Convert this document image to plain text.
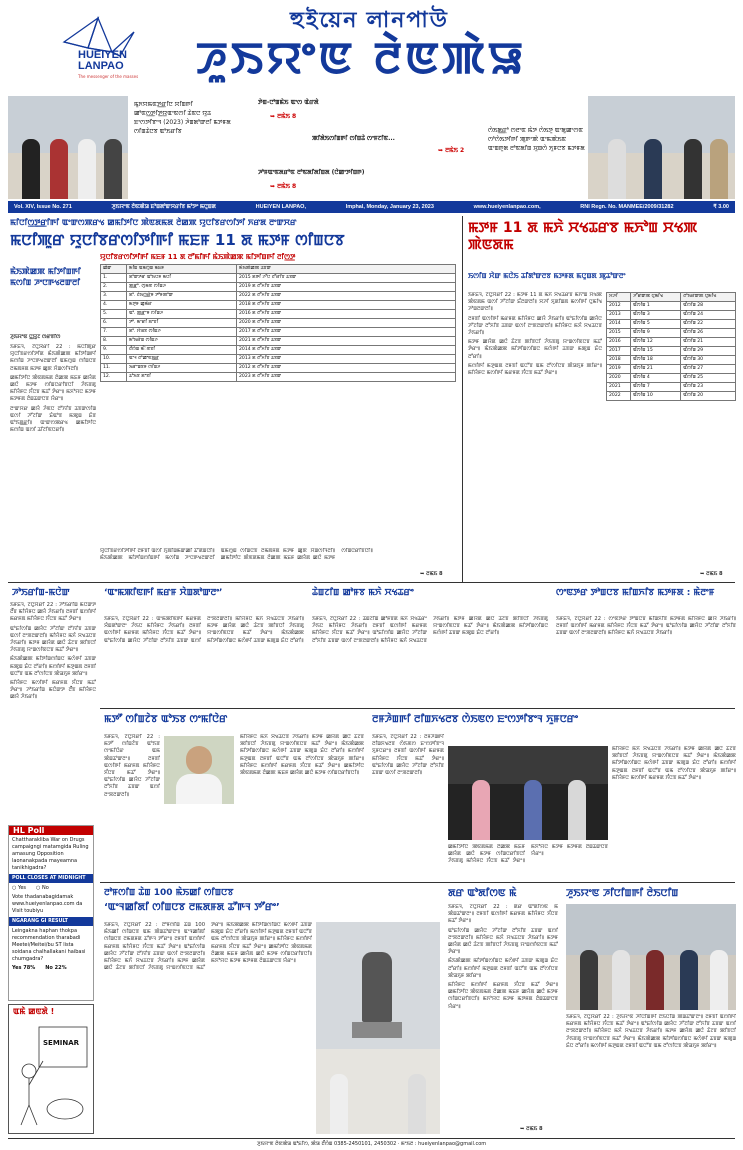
HUEIYEN LANPAO
The messenger of the masses
হুইয়েন লানপাউ
ꯍꯨꯏꯌꯦꯟ ꯂꯥꯟꯄꯥꯎ
ꯃꯨꯈꯌꯃꯟꯇ꯭ꯔꯤꯅ ꯆꯤꯡꯒꯤ ꯀꯣꯟꯁ꯭ꯇꯤꯇ꯭ꯌꯨꯑꯦꯟꯁꯤ ꯊꯥꯟꯅ ꯌꯨꯊ ꯐꯦꯁꯇꯤꯕꯦꯜ (2023) ꯍꯥꯡꯗꯣꯛꯂꯤ ꯃꯇꯝꯗ ꯁꯤꯡꯊꯥꯅꯕ ꯑꯣꯏꯔꯤꯕ
ꯇꯥꯡ-ꯅꯣꯡꯃꯥꯏ ꯑꯦꯁ ꯑꯥꯔꯗꯥ
➥ ꯂꯃꯥꯏ 8
ꯄꯤꯗꯥꯏꯁꯤꯡꯒꯤ ꯁꯤꯡꯊꯥ ꯁꯦꯝꯖꯤꯟ...
➥ ꯂꯃꯥꯏ 2
ꯍꯣꯝꯑꯦꯟꯗꯔꯣꯟ ꯂꯣꯟꯗꯤꯗꯤꯡꯗ (ꯅꯥꯀꯦꯇꯤꯡꯒ)
➥ ꯂꯃꯥꯏ 8
ꯁꯥꯏꯗ꯭ꯔꯣ ꯁꯂꯦꯟ ꯃꯥꯇ ꯁꯥꯏꯇꯨ ꯑꯦꯗꯨꯀꯦꯁꯟ ꯁꯣꯁꯥꯏꯇꯤꯒꯤ ꯄꯨꯒꯦꯄꯥ ꯑꯦꯃꯄꯥꯏꯟ ꯑꯦꯡꯒꯨꯗ ꯂꯣꯟꯗꯤꯡ ꯆꯨꯡꯁꯥ ꯈꯨꯝꯅꯕ ꯃꯇꯝꯗ
Vol. XIV, Issue No. 271	ꯍꯨꯏꯌꯦꯟ ꯂꯥꯟꯄꯥꯎ ꯐꯣꯡꯗꯣꯛꯆꯔꯤꯕ ꯃꯣꯇꯦ ꯃꯅꯨꯡꯗ	HUEIYEN LANPAO,	Imphal, Monday, January 23, 2023	www.hueiyenlanpao.com,	RNI Regn. No. MANMEE/2009/31282	₹ 3.00
ꯃꯤꯅꯤꯁ꯭ꯇ꯭ꯔꯤꯒꯤ ꯑꯦꯛꯁꯄꯔꯠ ꯀꯃꯤꯇꯤꯅ ꯄꯥꯟꯗꯃꯗ ꯂꯥꯀꯄ ꯌꯨꯅꯤꯕꯔꯁꯤꯇꯤ ꯈꯔꯗ ꯂꯦꯛꯆꯔ
ꯃꯅꯤꯄꯨꯔ ꯌꯨꯅꯤꯕꯔꯁꯤꯇꯤꯒꯤ ꯃꯐꯝ 11 ꯗ ꯃꯇꯝ ꯁꯤꯡꯅꯕ
ꯌꯨꯅꯤꯕꯔꯁꯤꯇꯤꯒꯤ ꯃꯐꯝ 11 ꯗ ꯂꯧꯃꯤꯒꯤ ꯃꯥꯏꯄꯥꯀꯄ ꯃꯤꯇꯤꯡꯒꯤ ꯂꯤꯁ꯭ꯇ
ꯃꯥꯏꯄꯥꯀꯄ ꯃꯤꯇꯤꯡꯒꯤ ꯃꯁꯤꯡ ꯍꯦꯅꯒꯠꯂꯛꯂꯤ
ꯍꯨꯏꯌꯦꯟ ꯅ꯭ꯌꯨꯖ ꯁꯔꯕꯤꯁ

ꯏꯝꯐꯥꯜ, ꯖꯥꯅꯨꯋꯥꯔꯤ 22 : ꯃꯅꯤꯄꯨꯔ ꯌꯨꯅꯤꯕꯔꯁꯤꯇꯤꯗ ꯃꯥꯏꯄꯥꯀꯄ ꯃꯤꯇꯤꯡꯒꯤ ꯃꯁꯤꯡ ꯍꯦꯅꯒꯠꯂꯛꯂꯤ ꯑꯃꯁꯨꯡ ꯁꯤꯡꯅꯕ ꯂꯃꯗꯝꯗ ꯃꯇꯝ ꯀꯨꯞ ꯆꯥꯡꯁꯤꯜꯂꯤ꯫

ꯀꯃꯤꯇꯤꯅ ꯄꯥꯟꯗꯃꯗ ꯂꯥꯀꯄ ꯃꯐꯝ ꯀꯌꯥꯗ ꯀꯅꯥ ꯃꯇꯝ ꯁꯤꯡꯅꯔꯤꯕꯅꯤ ꯍꯥꯏꯕꯗꯨ ꯃꯤꯌꯥꯝꯅ ꯈꯪꯅꯕ ꯃꯊꯧ ꯇꯥꯔꯦ꯫ ꯃꯈꯣꯌꯅ ꯃꯇꯝ ꯃꯇꯝꯗ ꯂꯥꯡꯊꯛꯅꯕ ꯌꯥꯔꯦ꯫

ꯂꯦꯛꯆꯔ ꯀꯌꯥ ꯍꯥꯟꯅ ꯂꯧꯈꯤꯕ ꯊꯕꯛꯁꯤꯡ ꯑꯁꯤ ꯍꯧꯖꯤꯛ ꯐꯥꯑꯣꯕ ꯃꯄꯨꯡ ꯐꯥꯕ ꯑꯣꯏꯗ꯭ꯔꯤ꯫ ꯑꯦꯛꯁꯄꯔꯠ ꯀꯃꯤꯇꯤꯅ ꯃꯁꯤꯡ ꯑꯁꯤ ꯊꯤꯖꯤꯟꯅꯔꯤ꯫

ꯀꯥꯛ	ꯃꯤꯡ ꯑꯃꯁꯨꯡ ꯃꯐꯝ	ꯃꯥꯏꯄꯥꯀꯄ ꯊꯕꯛ
1.	ꯗꯣꯛꯇꯔ ꯑꯣꯏꯅꯝ ꯃꯅꯤ	2015 ꯗꯒꯤ ꯍꯧꯅ ꯂꯧꯔꯤꯕ ꯊꯕꯛ
2.	ꯄ꯭ꯔꯣ. ꯁꯨꯃꯟ ꯁꯤꯡꯍ	2019 ꯗ ꯂꯧꯈꯤꯕ ꯊꯕꯛ
3.	ꯗꯣ. ꯂꯥꯏꯁ꯭ꯔꯥꯝ ꯇꯣꯝꯄꯣꯛ	2022 ꯗ ꯂꯧꯈꯤꯕ ꯊꯕꯛ
4.	ꯃꯇꯨꯝ ꯀꯨꯃꯥꯔ	2018 ꯗ ꯂꯧꯈꯤꯕ ꯊꯕꯛ
5.	ꯑꯣ. ꯄ꯭ꯔꯦꯝ ꯁꯤꯡꯍ	2016 ꯗ ꯂꯧꯈꯤꯕ ꯊꯕꯛ
6.	ꯇꯣ. ꯃꯦꯔꯤ ꯗꯦꯕꯤ	2020 ꯗ ꯂꯧꯈꯤꯕ ꯊꯕꯛ
7.	ꯗꯣ. ꯆꯥꯎꯕ ꯁꯤꯡꯍ	2017 ꯗ ꯂꯧꯈꯤꯕ ꯊꯕꯛ
8.	ꯃꯣꯏꯔꯥꯡ ꯁꯤꯡꯍ	2021 ꯗ ꯂꯧꯈꯤꯕ ꯊꯕꯛ
9.	ꯂꯩꯁꯥꯡ ꯃꯪꯥꯟꯕꯤ	2014 ꯗ ꯂꯧꯈꯤꯕ ꯊꯕꯛ
10.	ꯑꯦꯜ ꯂꯣꯀꯦꯟꯗ꯭ꯔ	2013 ꯗ ꯂꯧꯈꯤꯕ ꯊꯕꯛ
11.	ꯏꯔꯦꯡꯕꯝ ꯁꯤꯡꯍ	2012 ꯗ ꯂꯧꯈꯤꯕ ꯊꯕꯛ
12.	ꯊꯣꯏꯕ ꯗꯦꯕꯤ	2023 ꯗ ꯂꯧꯈꯤꯕ ꯊꯕꯛ
ꯌꯨꯅꯤꯕꯔꯁꯤꯇꯤꯒꯤ ꯂꯝꯕꯤ ꯑꯁꯤ ꯈꯨꯗꯤꯡꯃꯛꯀꯤ ꯊꯧꯗꯥꯡꯅꯤ꯫ ꯃꯥꯏꯄꯥꯀꯄ ꯃꯤꯇꯤꯡꯁꯤꯡꯒꯤ ꯃꯁꯤꯡ ꯍꯦꯅꯒꯠꯂꯛꯂꯤ ꯑꯃꯁꯨꯡ ꯁꯤꯡꯅꯕ ꯂꯃꯗꯝꯗ ꯃꯇꯝ ꯀꯨꯞ ꯆꯥꯡꯁꯤꯜꯂꯤ꯫ ꯀꯃꯤꯇꯤꯅ ꯄꯥꯟꯗꯃꯗ ꯂꯥꯀꯄ ꯃꯐꯝ ꯀꯌꯥꯗ ꯀꯅꯥ ꯃꯇꯝ ꯁꯤꯡꯅꯔꯤꯕꯅꯤ꯫
➥ ꯂꯃꯥꯏ 8
ꯃꯇꯝ 11 ꯗ ꯃꯈꯥ ꯆꯠꯊꯔꯕ ꯃꯈꯣꯡ ꯆꯠꯄ ꯄꯥꯟꯗꯃ
ꯏꯁꯤꯡ ꯆꯥꯛ ꯃꯅꯥꯏ ꯊꯤꯗꯣꯛꯂꯕ ꯃꯇꯝꯗ ꯃꯅꯨꯡꯗ ꯄꯨꯊꯣꯛꯂꯦ

ꯏꯝꯐꯥꯜ, ꯖꯥꯅꯨꯋꯥꯔꯤ 22 : ꯃꯇꯝ 11 ꯗ ꯃꯈꯥ ꯆꯠꯊꯔꯕ ꯃꯈꯣꯡ ꯆꯠꯄ ꯄꯥꯟꯗꯃ ꯑꯁꯤ ꯍꯧꯖꯤꯛ ꯐꯪꯂꯛꯂꯤ꯫ ꯆꯍꯤ ꯈꯨꯗꯤꯡꯗ ꯃꯁꯤꯒꯤ ꯅꯨꯃꯤꯠ ꯍꯣꯡꯂꯛꯂꯤ꯫

ꯂꯝꯕꯤ ꯑꯁꯤꯒꯤ ꯃꯔꯝꯗ ꯃꯤꯌꯥꯝꯅ ꯀꯌꯥ ꯍꯥꯏꯔꯤ꯫ ꯑꯣꯐꯤꯁꯤꯡ ꯀꯌꯥꯅ ꯍꯧꯖꯤꯛ ꯂꯧꯈꯤꯕ ꯊꯕꯛ ꯑꯁꯤ ꯂꯦꯞꯂꯛꯂꯤ꯫ ꯃꯤꯌꯥꯝꯅ ꯃꯈꯥ ꯆꯠꯊꯅꯕ ꯍꯥꯏꯔꯤ꯫

ꯃꯇꯝ ꯀꯌꯥꯗ ꯀꯅꯥ ꯊꯥꯖꯕ ꯄꯤꯕꯅꯤ ꯍꯥꯏꯕꯗꯨ ꯌꯦꯡꯁꯤꯟꯅꯕ ꯃꯊꯧ ꯇꯥꯔꯦ꯫ ꯃꯥꯏꯄꯥꯀꯄ ꯃꯤꯇꯤꯡꯁꯤꯡꯅ ꯃꯁꯥꯒꯤ ꯊꯕꯛ ꯃꯄꯨꯡ ꯐꯥꯅ ꯂꯧꯔꯤ꯫

ꯃꯁꯤꯒꯤ ꯃꯇꯨꯡꯗ ꯂꯝꯕꯤ ꯑꯅꯧꯕ ꯑꯃ ꯂꯧꯁꯤꯅꯕ ꯄꯥꯎꯈꯨꯝ ꯄꯤꯔꯦ꯫ ꯃꯤꯌꯥꯝꯅ ꯃꯁꯤꯒꯤ ꯃꯔꯝꯗ ꯈꯪꯅꯕ ꯃꯊꯧ ꯇꯥꯔꯦ꯫

ꯆꯍꯤ	ꯍꯧꯔꯛꯄ ꯅꯨꯃꯤꯠ	ꯂꯣꯏꯔꯛꯄ ꯅꯨꯃꯤꯠ
2012	ꯑꯩꯁꯤꯡ 1	ꯑꯩꯁꯤꯡ 28
2013	ꯑꯩꯁꯤꯡ 3	ꯑꯩꯁꯤꯡ 24
2014	ꯑꯩꯁꯤꯡ 5	ꯑꯩꯁꯤꯡ 22
2015	ꯑꯩꯁꯤꯡ 9	ꯑꯩꯁꯤꯡ 26
2016	ꯑꯩꯁꯤꯡ 12	ꯑꯩꯁꯤꯡ 21
2017	ꯑꯩꯁꯤꯡ 15	ꯑꯩꯁꯤꯡ 29
2018	ꯑꯩꯁꯤꯡ 18	ꯑꯩꯁꯤꯡ 30
2019	ꯑꯩꯁꯤꯡ 21	ꯑꯩꯁꯤꯡ 27
2020	ꯑꯩꯁꯤꯡ 4	ꯑꯩꯁꯤꯡ 25
2021	ꯑꯩꯁꯤꯡ 7	ꯑꯩꯁꯤꯡ 23
2022	ꯑꯩꯁꯤꯡ 10	ꯑꯩꯁꯤꯡ 20
➥ ꯂꯃꯥꯏ 8
ꯍꯣꯏꯔꯤꯡ-ꯃꯅꯥꯛ

ꯏꯝꯐꯥꯜ, ꯖꯥꯅꯨꯋꯥꯔꯤ 22 : ꯍꯣꯏꯔꯤꯡ ꯃꯅꯥꯛꯇ ꯂꯩꯕ ꯃꯤꯌꯥꯝꯅ ꯀꯌꯥ ꯍꯥꯏꯔꯤ꯫ ꯂꯝꯕꯤ ꯑꯁꯤꯒꯤ ꯃꯔꯝꯗ ꯃꯤꯌꯥꯝꯅ ꯈꯪꯅꯕ ꯃꯊꯧ ꯇꯥꯔꯦ꯫

ꯑꯣꯐꯤꯁꯤꯡ ꯀꯌꯥꯅ ꯍꯧꯖꯤꯛ ꯂꯧꯈꯤꯕ ꯊꯕꯛ ꯑꯁꯤ ꯂꯦꯞꯂꯛꯂꯤ꯫ ꯃꯤꯌꯥꯝꯅ ꯃꯈꯥ ꯆꯠꯊꯅꯕ ꯍꯥꯏꯔꯤ꯫ ꯃꯇꯝ ꯀꯌꯥꯗ ꯀꯅꯥ ꯊꯥꯖꯕ ꯄꯤꯕꯅꯤ ꯍꯥꯏꯕꯗꯨ ꯌꯦꯡꯁꯤꯟꯅꯕ ꯃꯊꯧ ꯇꯥꯔꯦ꯫

ꯃꯥꯏꯄꯥꯀꯄ ꯃꯤꯇꯤꯡꯁꯤꯡꯅ ꯃꯁꯥꯒꯤ ꯊꯕꯛ ꯃꯄꯨꯡ ꯐꯥꯅ ꯂꯧꯔꯤ꯫ ꯃꯁꯤꯒꯤ ꯃꯇꯨꯡꯗ ꯂꯝꯕꯤ ꯑꯅꯧꯕ ꯑꯃ ꯂꯧꯁꯤꯅꯕ ꯄꯥꯎꯈꯨꯝ ꯄꯤꯔꯦ꯫

ꯃꯤꯌꯥꯝꯅ ꯃꯁꯤꯒꯤ ꯃꯔꯝꯗ ꯈꯪꯅꯕ ꯃꯊꯧ ꯇꯥꯔꯦ꯫ ꯍꯣꯏꯔꯤꯡ ꯃꯅꯥꯛꯇ ꯂꯩꯕ ꯃꯤꯌꯥꯝꯅ ꯀꯌꯥ ꯍꯥꯏꯔꯤ꯫

‘ꯑꯦꯃꯄꯤꯟꯒꯤ ꯃꯔꯝ ꯆꯥꯡꯗꯣꯛꯂꯦ’
ꯏꯝꯐꯥꯜ, ꯖꯥꯅꯨꯋꯥꯔꯤ 22 : ꯑꯦꯃꯄꯤꯟꯒꯤ ꯃꯔꯝꯗ ꯆꯥꯡꯗꯣꯛꯂꯦ ꯍꯥꯏꯅ ꯃꯤꯌꯥꯝꯅ ꯍꯥꯏꯔꯤ꯫ ꯂꯝꯕꯤ ꯑꯁꯤꯒꯤ ꯃꯔꯝꯗ ꯃꯤꯌꯥꯝꯅ ꯈꯪꯅꯕ ꯃꯊꯧ ꯇꯥꯔꯦ꯫ ꯑꯣꯐꯤꯁꯤꯡ ꯀꯌꯥꯅ ꯍꯧꯖꯤꯛ ꯂꯧꯈꯤꯕ ꯊꯕꯛ ꯑꯁꯤ ꯂꯦꯞꯂꯛꯂꯤ꯫ ꯃꯤꯌꯥꯝꯅ ꯃꯈꯥ ꯆꯠꯊꯅꯕ ꯍꯥꯏꯔꯤ꯫ ꯃꯇꯝ ꯀꯌꯥꯗ ꯀꯅꯥ ꯊꯥꯖꯕ ꯄꯤꯕꯅꯤ ꯍꯥꯏꯕꯗꯨ ꯌꯦꯡꯁꯤꯟꯅꯕ ꯃꯊꯧ ꯇꯥꯔꯦ꯫ ꯃꯥꯏꯄꯥꯀꯄ ꯃꯤꯇꯤꯡꯁꯤꯡꯅ ꯃꯁꯥꯒꯤ ꯊꯕꯛ ꯃꯄꯨꯡ ꯐꯥꯅ ꯂꯧꯔꯤ꯫
ꯊꯥꯡꯖꯤꯡ ꯀꯣꯝꯕ ꯃꯈꯥ ꯆꯠꯊꯔꯦ
ꯏꯝꯐꯥꯜ, ꯖꯥꯅꯨꯋꯥꯔꯤ 22 : ꯊꯥꯡꯖꯤꯡ ꯀꯣꯝꯕꯗ ꯃꯈꯥ ꯆꯠꯊꯔꯦ ꯍꯥꯏꯅ ꯃꯤꯌꯥꯝꯅ ꯍꯥꯏꯔꯤ꯫ ꯂꯝꯕꯤ ꯑꯁꯤꯒꯤ ꯃꯔꯝꯗ ꯃꯤꯌꯥꯝꯅ ꯈꯪꯅꯕ ꯃꯊꯧ ꯇꯥꯔꯦ꯫ ꯑꯣꯐꯤꯁꯤꯡ ꯀꯌꯥꯅ ꯍꯧꯖꯤꯛ ꯂꯧꯈꯤꯕ ꯊꯕꯛ ꯑꯁꯤ ꯂꯦꯞꯂꯛꯂꯤ꯫ ꯃꯤꯌꯥꯝꯅ ꯃꯈꯥ ꯆꯠꯊꯅꯕ ꯍꯥꯏꯔꯤ꯫ ꯃꯇꯝ ꯀꯌꯥꯗ ꯀꯅꯥ ꯊꯥꯖꯕ ꯄꯤꯕꯅꯤ ꯍꯥꯏꯕꯗꯨ ꯌꯦꯡꯁꯤꯟꯅꯕ ꯃꯊꯧ ꯇꯥꯔꯦ꯫ ꯃꯥꯏꯄꯥꯀꯄ ꯃꯤꯇꯤꯡꯁꯤꯡꯅ ꯃꯁꯥꯒꯤ ꯊꯕꯛ ꯃꯄꯨꯡ ꯐꯥꯅ ꯂꯧꯔꯤ꯫
ꯁꯦꯟꯇꯔ ꯇꯣꯡꯅꯕ ꯃꯤꯡꯈꯤꯕ ꯃꯇꯝꯗ : ꯃꯥꯂꯦꯝ
ꯏꯝꯐꯥꯜ, ꯖꯥꯅꯨꯋꯥꯔꯤ 22 : ꯁꯦꯟꯇꯔ ꯇꯣꯡꯅꯕ ꯃꯤꯡꯈꯤꯕ ꯃꯇꯝꯗ ꯃꯤꯌꯥꯝꯅ ꯀꯌꯥ ꯍꯥꯏꯔꯤ꯫ ꯂꯝꯕꯤ ꯑꯁꯤꯒꯤ ꯃꯔꯝꯗ ꯃꯤꯌꯥꯝꯅ ꯈꯪꯅꯕ ꯃꯊꯧ ꯇꯥꯔꯦ꯫ ꯑꯣꯐꯤꯁꯤꯡ ꯀꯌꯥꯅ ꯍꯧꯖꯤꯛ ꯂꯧꯈꯤꯕ ꯊꯕꯛ ꯑꯁꯤ ꯂꯦꯞꯂꯛꯂꯤ꯫ ꯃꯤꯌꯥꯝꯅ ꯃꯈꯥ ꯆꯠꯊꯅꯕ ꯍꯥꯏꯔꯤ꯫
ꯃꯇꯧ ꯁꯤꯡꯖꯥꯕ ꯑꯣꯏꯕ ꯁꯦꯃꯤꯅꯥꯔ
ꯏꯝꯐꯥꯜ, ꯖꯥꯅꯨꯋꯥꯔꯤ 22 : ꯃꯇꯧ ꯁꯤꯡꯖꯥꯕ ꯑꯣꯏꯕ ꯁꯦꯃꯤꯅꯥꯔ ꯑꯃ ꯄꯥꯡꯊꯣꯛꯂꯦ꯫ ꯂꯝꯕꯤ ꯑꯁꯤꯒꯤ ꯃꯔꯝꯗ ꯃꯤꯌꯥꯝꯅ ꯈꯪꯅꯕ ꯃꯊꯧ ꯇꯥꯔꯦ꯫ ꯑꯣꯐꯤꯁꯤꯡ ꯀꯌꯥꯅ ꯍꯧꯖꯤꯛ ꯂꯧꯈꯤꯕ ꯊꯕꯛ ꯑꯁꯤ ꯂꯦꯞꯂꯛꯂꯤ꯫
ꯃꯤꯌꯥꯝꯅ ꯃꯈꯥ ꯆꯠꯊꯅꯕ ꯍꯥꯏꯔꯤ꯫ ꯃꯇꯝ ꯀꯌꯥꯗ ꯀꯅꯥ ꯊꯥꯖꯕ ꯄꯤꯕꯅꯤ ꯍꯥꯏꯕꯗꯨ ꯌꯦꯡꯁꯤꯟꯅꯕ ꯃꯊꯧ ꯇꯥꯔꯦ꯫ ꯃꯥꯏꯄꯥꯀꯄ ꯃꯤꯇꯤꯡꯁꯤꯡꯅ ꯃꯁꯥꯒꯤ ꯊꯕꯛ ꯃꯄꯨꯡ ꯐꯥꯅ ꯂꯧꯔꯤ꯫ ꯃꯁꯤꯒꯤ ꯃꯇꯨꯡꯗ ꯂꯝꯕꯤ ꯑꯅꯧꯕ ꯑꯃ ꯂꯧꯁꯤꯅꯕ ꯄꯥꯎꯈꯨꯝ ꯄꯤꯔꯦ꯫ ꯃꯤꯌꯥꯝꯅ ꯃꯁꯤꯒꯤ ꯃꯔꯝꯗ ꯈꯪꯅꯕ ꯃꯊꯧ ꯇꯥꯔꯦ꯫ ꯀꯃꯤꯇꯤꯅ ꯄꯥꯟꯗꯃꯗ ꯂꯥꯀꯄ ꯃꯐꯝ ꯀꯌꯥꯗ ꯀꯅꯥ ꯃꯇꯝ ꯁꯤꯡꯅꯔꯤꯕꯅꯤ꯫
ꯂꯝꯍꯥꯡꯒꯤ ꯂꯤꯡꯈꯠꯂꯕ ꯁꯥꯏꯟꯁ ꯐꯦꯁꯇꯤꯕꯦꯜ ꯈꯨꯝꯅꯔꯦ
ꯏꯝꯐꯥꯜ, ꯖꯥꯅꯨꯋꯥꯔꯤ 22 : ꯂꯝꯍꯥꯡꯒꯤ ꯂꯤꯡꯈꯠꯂꯕ ꯁꯥꯏꯟꯁ ꯐꯦꯁꯇꯤꯕꯦꯜ ꯈꯨꯝꯅꯔꯦ꯫ ꯂꯝꯕꯤ ꯑꯁꯤꯒꯤ ꯃꯔꯝꯗ ꯃꯤꯌꯥꯝꯅ ꯈꯪꯅꯕ ꯃꯊꯧ ꯇꯥꯔꯦ꯫ ꯑꯣꯐꯤꯁꯤꯡ ꯀꯌꯥꯅ ꯍꯧꯖꯤꯛ ꯂꯧꯈꯤꯕ ꯊꯕꯛ ꯑꯁꯤ ꯂꯦꯞꯂꯛꯂꯤ꯫
ꯃꯤꯌꯥꯝꯅ ꯃꯈꯥ ꯆꯠꯊꯅꯕ ꯍꯥꯏꯔꯤ꯫ ꯃꯇꯝ ꯀꯌꯥꯗ ꯀꯅꯥ ꯊꯥꯖꯕ ꯄꯤꯕꯅꯤ ꯍꯥꯏꯕꯗꯨ ꯌꯦꯡꯁꯤꯟꯅꯕ ꯃꯊꯧ ꯇꯥꯔꯦ꯫ ꯃꯥꯏꯄꯥꯀꯄ ꯃꯤꯇꯤꯡꯁꯤꯡꯅ ꯃꯁꯥꯒꯤ ꯊꯕꯛ ꯃꯄꯨꯡ ꯐꯥꯅ ꯂꯧꯔꯤ꯫ ꯃꯁꯤꯒꯤ ꯃꯇꯨꯡꯗ ꯂꯝꯕꯤ ꯑꯅꯧꯕ ꯑꯃ ꯂꯧꯁꯤꯅꯕ ꯄꯥꯎꯈꯨꯝ ꯄꯤꯔꯦ꯫ ꯃꯤꯌꯥꯝꯅ ꯃꯁꯤꯒꯤ ꯃꯔꯝꯗ ꯈꯪꯅꯕ ꯃꯊꯧ ꯇꯥꯔꯦ꯫
ꯀꯃꯤꯇꯤꯅ ꯄꯥꯟꯗꯃꯗ ꯂꯥꯀꯄ ꯃꯐꯝ ꯀꯌꯥꯗ ꯀꯅꯥ ꯃꯇꯝ ꯁꯤꯡꯅꯔꯤꯕꯅꯤ ꯍꯥꯏꯕꯗꯨ ꯃꯤꯌꯥꯝꯅ ꯈꯪꯅꯕ ꯃꯊꯧ ꯇꯥꯔꯦ꯫ ꯃꯈꯣꯌꯅ ꯃꯇꯝ ꯃꯇꯝꯗ ꯂꯥꯡꯊꯛꯅꯕ ꯌꯥꯔꯦ꯫
HL Poll
Chattharakliba War on Drugs campaigngi matamgida Ruling amasung Opposition laonanakpada mayeamna tanikhigadra?
POLL CLOSES AT MIDNIGHT
○ Yes ○ No
Vote thadanabagidamak www.hueiyenlanpao.com da Visit toubiyu
NGARANG GI RESULT
Leingakna haphan thokpa recommendation tharabadi Meetei/Meitei/bu ST lista soidana chalhallakani haibasi chumgadra?
Yes 78% No 22%
ꯑꯃꯥ ꯀꯟꯗꯥ !
SEMINAR
ꯂꯣꯝꯁꯤꯡ ꯊꯥꯡ 100 ꯃꯥꯏꯀꯤ ꯁꯤꯡꯅꯕ
‘ꯑꯦꯜꯀꯤꯗꯤ ꯁꯤꯡꯅꯕ ꯂꯃꯗꯝꯗ ꯊꯧꯒꯜ ꯇꯧꯔꯦ’
ꯏꯝꯐꯥꯜ, ꯖꯥꯅꯨꯋꯥꯔꯤ 22 : ꯂꯣꯝꯁꯤꯡ ꯊꯥꯡ 100 ꯃꯥꯏꯀꯤ ꯁꯤꯡꯅꯕ ꯑꯃ ꯄꯥꯡꯊꯣꯛꯂꯦ꯫ ꯑꯦꯜꯀꯤꯗꯤ ꯁꯤꯡꯅꯕ ꯂꯃꯗꯝꯗ ꯊꯧꯒꯜ ꯇꯧꯔꯦ꯫ ꯂꯝꯕꯤ ꯑꯁꯤꯒꯤ ꯃꯔꯝꯗ ꯃꯤꯌꯥꯝꯅ ꯈꯪꯅꯕ ꯃꯊꯧ ꯇꯥꯔꯦ꯫ ꯑꯣꯐꯤꯁꯤꯡ ꯀꯌꯥꯅ ꯍꯧꯖꯤꯛ ꯂꯧꯈꯤꯕ ꯊꯕꯛ ꯑꯁꯤ ꯂꯦꯞꯂꯛꯂꯤ꯫ ꯃꯤꯌꯥꯝꯅ ꯃꯈꯥ ꯆꯠꯊꯅꯕ ꯍꯥꯏꯔꯤ꯫ ꯃꯇꯝ ꯀꯌꯥꯗ ꯀꯅꯥ ꯊꯥꯖꯕ ꯄꯤꯕꯅꯤ ꯍꯥꯏꯕꯗꯨ ꯌꯦꯡꯁꯤꯟꯅꯕ ꯃꯊꯧ ꯇꯥꯔꯦ꯫ ꯃꯥꯏꯄꯥꯀꯄ ꯃꯤꯇꯤꯡꯁꯤꯡꯅ ꯃꯁꯥꯒꯤ ꯊꯕꯛ ꯃꯄꯨꯡ ꯐꯥꯅ ꯂꯧꯔꯤ꯫ ꯃꯁꯤꯒꯤ ꯃꯇꯨꯡꯗ ꯂꯝꯕꯤ ꯑꯅꯧꯕ ꯑꯃ ꯂꯧꯁꯤꯅꯕ ꯄꯥꯎꯈꯨꯝ ꯄꯤꯔꯦ꯫ ꯃꯤꯌꯥꯝꯅ ꯃꯁꯤꯒꯤ ꯃꯔꯝꯗ ꯈꯪꯅꯕ ꯃꯊꯧ ꯇꯥꯔꯦ꯫ ꯀꯃꯤꯇꯤꯅ ꯄꯥꯟꯗꯃꯗ ꯂꯥꯀꯄ ꯃꯐꯝ ꯀꯌꯥꯗ ꯀꯅꯥ ꯃꯇꯝ ꯁꯤꯡꯅꯔꯤꯕꯅꯤ꯫ ꯃꯈꯣꯌꯅ ꯃꯇꯝ ꯃꯇꯝꯗ ꯂꯥꯡꯊꯛꯅꯕ ꯌꯥꯔꯦ꯫
ꯗꯔ ꯑꯣꯗꯤꯁꯟ ꯃꯥ

ꯏꯝꯐꯥꯜ, ꯖꯥꯅꯨꯋꯥꯔꯤ 22 : ꯗꯔ ꯑꯣꯗꯤꯁꯟ ꯃꯥ ꯄꯥꯡꯊꯣꯛꯂꯦ꯫ ꯂꯝꯕꯤ ꯑꯁꯤꯒꯤ ꯃꯔꯝꯗ ꯃꯤꯌꯥꯝꯅ ꯈꯪꯅꯕ ꯃꯊꯧ ꯇꯥꯔꯦ꯫

ꯑꯣꯐꯤꯁꯤꯡ ꯀꯌꯥꯅ ꯍꯧꯖꯤꯛ ꯂꯧꯈꯤꯕ ꯊꯕꯛ ꯑꯁꯤ ꯂꯦꯞꯂꯛꯂꯤ꯫ ꯃꯤꯌꯥꯝꯅ ꯃꯈꯥ ꯆꯠꯊꯅꯕ ꯍꯥꯏꯔꯤ꯫ ꯃꯇꯝ ꯀꯌꯥꯗ ꯀꯅꯥ ꯊꯥꯖꯕ ꯄꯤꯕꯅꯤ ꯍꯥꯏꯕꯗꯨ ꯌꯦꯡꯁꯤꯟꯅꯕ ꯃꯊꯧ ꯇꯥꯔꯦ꯫

ꯃꯥꯏꯄꯥꯀꯄ ꯃꯤꯇꯤꯡꯁꯤꯡꯅ ꯃꯁꯥꯒꯤ ꯊꯕꯛ ꯃꯄꯨꯡ ꯐꯥꯅ ꯂꯧꯔꯤ꯫ ꯃꯁꯤꯒꯤ ꯃꯇꯨꯡꯗ ꯂꯝꯕꯤ ꯑꯅꯧꯕ ꯑꯃ ꯂꯧꯁꯤꯅꯕ ꯄꯥꯎꯈꯨꯝ ꯄꯤꯔꯦ꯫

ꯃꯤꯌꯥꯝꯅ ꯃꯁꯤꯒꯤ ꯃꯔꯝꯗ ꯈꯪꯅꯕ ꯃꯊꯧ ꯇꯥꯔꯦ꯫ ꯀꯃꯤꯇꯤꯅ ꯄꯥꯟꯗꯃꯗ ꯂꯥꯀꯄ ꯃꯐꯝ ꯀꯌꯥꯗ ꯀꯅꯥ ꯃꯇꯝ ꯁꯤꯡꯅꯔꯤꯕꯅꯤ꯫ ꯃꯈꯣꯌꯅ ꯃꯇꯝ ꯃꯇꯝꯗ ꯂꯥꯡꯊꯛꯅꯕ ꯌꯥꯔꯦ꯫

➥ ꯂꯃꯥꯏ 8
ꯍꯨꯏꯌꯦꯟ ꯍꯤꯅꯤꯡꯒꯤ ꯂꯥꯏꯅꯤꯡ
ꯏꯝꯐꯥꯜ, ꯖꯥꯅꯨꯋꯥꯔꯤ 22 : ꯍꯨꯏꯌꯦꯟ ꯍꯤꯅꯤꯡꯒꯤ ꯂꯥꯏꯅꯤꯡ ꯄꯥꯡꯊꯣꯛꯂꯦ꯫ ꯂꯝꯕꯤ ꯑꯁꯤꯒꯤ ꯃꯔꯝꯗ ꯃꯤꯌꯥꯝꯅ ꯈꯪꯅꯕ ꯃꯊꯧ ꯇꯥꯔꯦ꯫ ꯑꯣꯐꯤꯁꯤꯡ ꯀꯌꯥꯅ ꯍꯧꯖꯤꯛ ꯂꯧꯈꯤꯕ ꯊꯕꯛ ꯑꯁꯤ ꯂꯦꯞꯂꯛꯂꯤ꯫ ꯃꯤꯌꯥꯝꯅ ꯃꯈꯥ ꯆꯠꯊꯅꯕ ꯍꯥꯏꯔꯤ꯫ ꯃꯇꯝ ꯀꯌꯥꯗ ꯀꯅꯥ ꯊꯥꯖꯕ ꯄꯤꯕꯅꯤ ꯍꯥꯏꯕꯗꯨ ꯌꯦꯡꯁꯤꯟꯅꯕ ꯃꯊꯧ ꯇꯥꯔꯦ꯫ ꯃꯥꯏꯄꯥꯀꯄ ꯃꯤꯇꯤꯡꯁꯤꯡꯅ ꯃꯁꯥꯒꯤ ꯊꯕꯛ ꯃꯄꯨꯡ ꯐꯥꯅ ꯂꯧꯔꯤ꯫ ꯃꯁꯤꯒꯤ ꯃꯇꯨꯡꯗ ꯂꯝꯕꯤ ꯑꯅꯧꯕ ꯑꯃ ꯂꯧꯁꯤꯅꯕ ꯄꯥꯎꯈꯨꯝ ꯄꯤꯔꯦ꯫
ꯍꯨꯏꯌꯦꯟ ꯂꯥꯟꯄꯥꯎ ꯑꯣꯐꯤꯁ, ꯄꯥꯎ ꯂꯩꯁꯥꯡ 0385-2450101, 2450302 · ꯃꯦꯏꯂ : hueiyenlanpao@gmail.com
